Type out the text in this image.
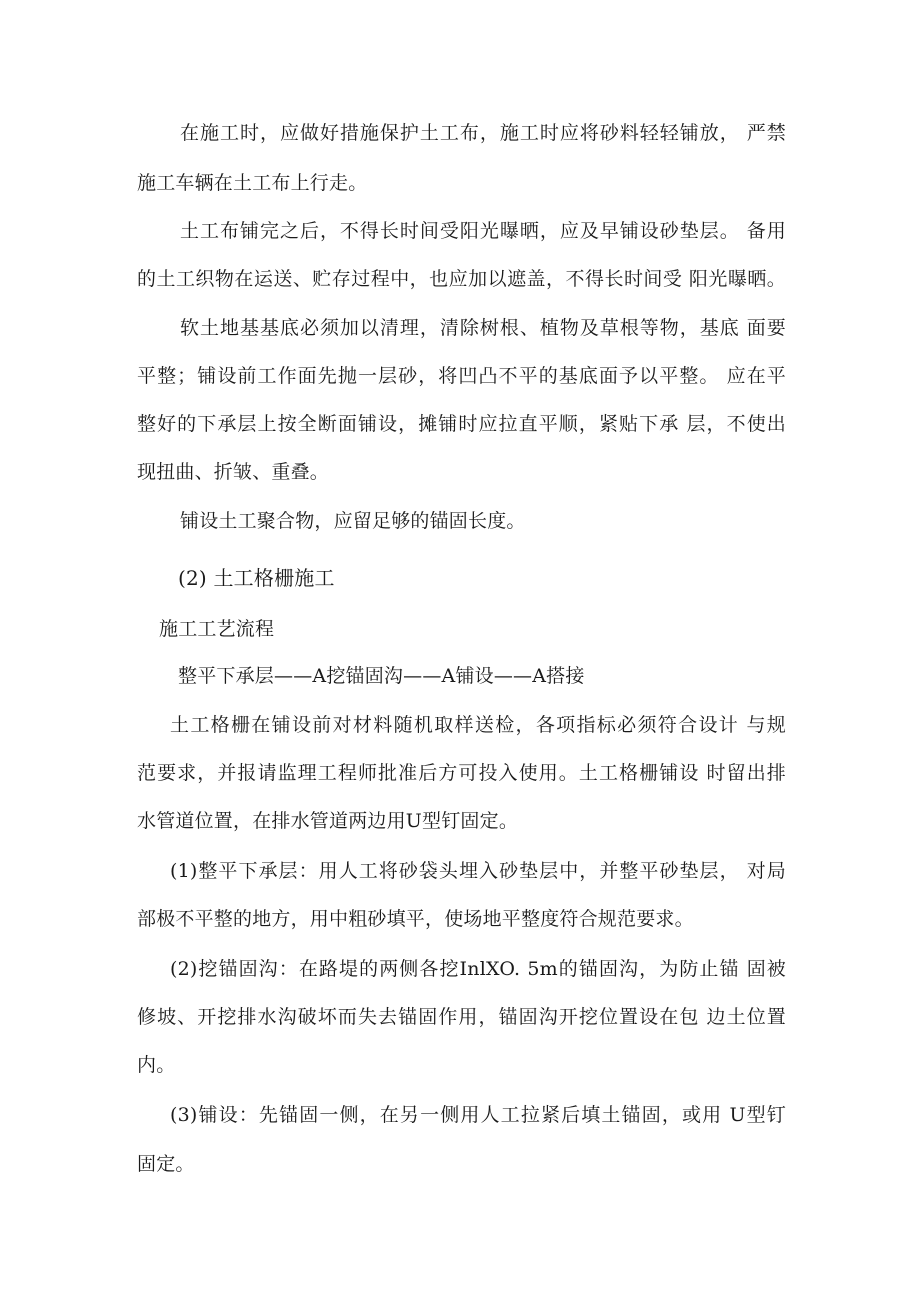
在施工时，应做好措施保护土工布，施工时应将砂料轻轻铺放， 严禁
施工车辆在土工布上行走。
土工布铺完之后，不得长时间受阳光曝晒，应及早铺设砂垫层。 备用
的土工织物在运送、贮存过程中，也应加以遮盖，不得长时间受 阳光曝晒。
软土地基基底必须加以清理，清除树根、植物及草根等物，基底 面要
平整；铺设前工作面先抛一层砂，将凹凸不平的基底面予以平整。 应在平
整好的下承层上按全断面铺设，摊铺时应拉直平顺，紧贴下承 层，不使出
现扭曲、折皱、重叠。
铺设土工聚合物，应留足够的锚固长度。
(2) 土工格栅施工
施工工艺流程
整平下承层——A挖锚固沟——A铺设——A搭接
土工格栅在铺设前对材料随机取样送检，各项指标必须符合设计 与规
范要求，并报请监理工程师批准后方可投入使用。土工格栅铺设 时留出排
水管道位置，在排水管道两边用U型钉固定。
(1)整平下承层：用人工将砂袋头埋入砂垫层中，并整平砂垫层， 对局
部极不平整的地方，用中粗砂填平，使场地平整度符合规范要求。
(2)挖锚固沟：在路堤的两侧各挖InlXO. 5m的锚固沟，为防止锚 固被
修坡、开挖排水沟破坏而失去锚固作用，锚固沟开挖位置设在包 边土位置
内。
(3)铺设：先锚固一侧，在另一侧用人工拉紧后填土锚固，或用 U型钉
固定。
